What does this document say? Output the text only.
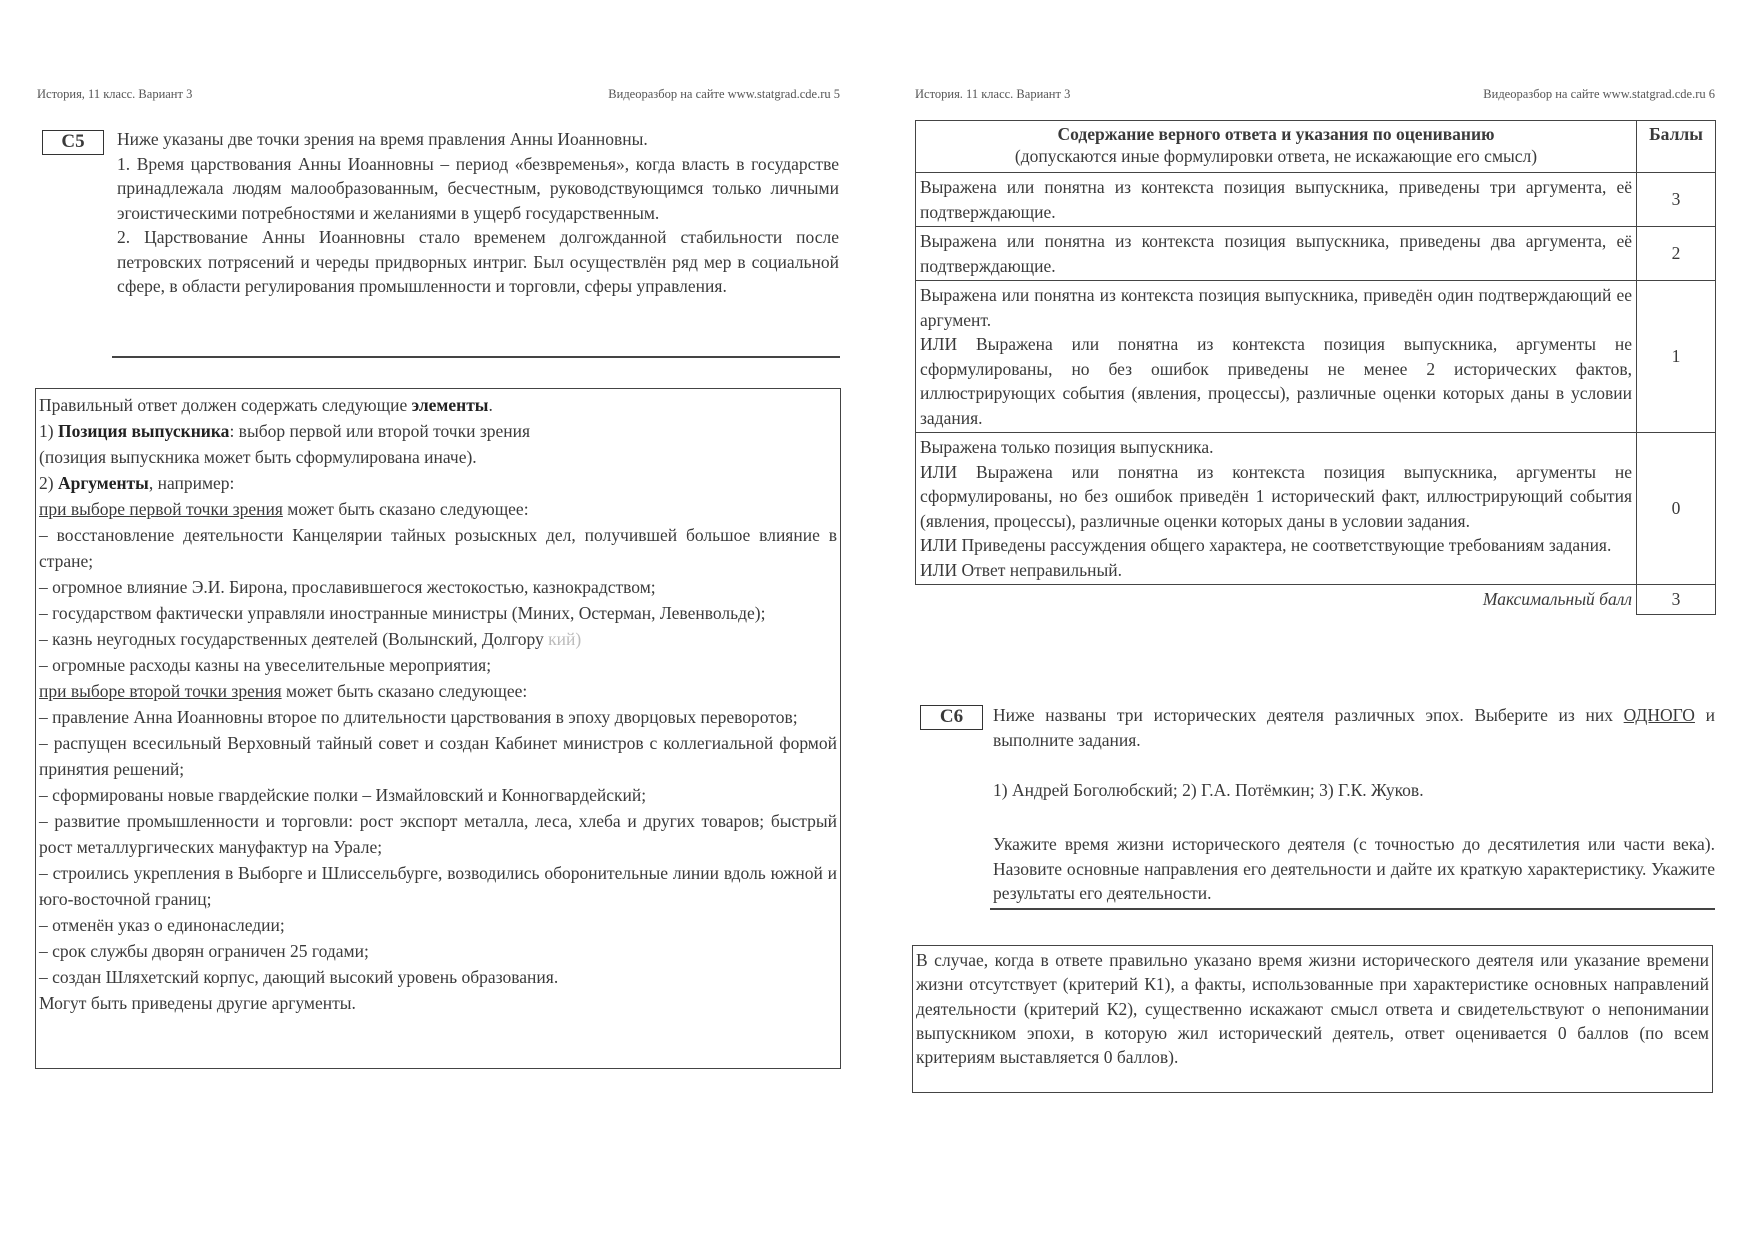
История, 11 класс. Вариант 3	Видеоразбор на сайте www.statgrad.cde.ru 5
С5	Ниже указаны две точки зрения на время правления Анны Иоанновны.

1. Время царствования Анны Иоанновны – период «безвременья», когда власть в государстве принадлежала людям малообразованным, бесчестным, руководствующимся только личными эгоистическими потребностями и желаниями в ущерб государственным.

2. Царствование Анны Иоанновны стало временем долгожданной стабильности после петровских потрясений и череды придворных интриг. Был осуществлён ряд мер в социальной сфере, в области регулирования промышленности и торговли, сферы управления.

Правильный ответ должен содержать следующие элементы.

1) Позиция выпускника: выбор первой или второй точки зрения

(позиция выпускника может быть сформулирована иначе).

2) Аргументы, например:

при выборе первой точки зрения может быть сказано следующее:

– восстановление деятельности Канцелярии тайных розыскных дел, получившей большое влияние в стране;

– огромное влияние Э.И. Бирона, прославившегося жестокостью, казнокрадством;

– государством фактически управляли иностранные министры (Миних, Остерман, Левенвольде);

– казнь неугодных государственных деятелей (Волынский, Долгору кий)

– огромные расходы казны на увеселительные мероприятия;

при выборе второй точки зрения может быть сказано следующее:

– правление Анна Иоанновны второе по длительности царствования в эпоху дворцовых переворотов;

– распущен всесильный Верховный тайный совет и создан Кабинет министров с коллегиальной формой принятия решений;

– сформированы новые гвардейские полки – Измайловский и Конногвардейский;

– развитие промышленности и торговли: рост экспорт металла, леса, хлеба и других товаров; быстрый рост металлургических мануфактур на Урале;

– строились укрепления в Выборге и Шлиссельбурге, возводились оборонительные линии вдоль южной и юго-восточной границ;

– отменён указ о единонаследии;

– срок службы дворян ограничен 25 годами;

– создан Шляхетский корпус, дающий высокий уровень образования.

Могут быть приведены другие аргументы.

История. 11 класс. Вариант 3	Видеоразбор на сайте www.statgrad.cde.ru 6
Содержание верного ответа и указания по оцениванию
(допускаются иные формулировки ответа, не искажающие его смысл)	Баллы
Выражена или понятна из контекста позиция выпускника, приведены три аргумента, её подтверждающие.	3
Выражена или понятна из контекста позиция выпускника, приведены два аргумента, её подтверждающие.	2

Выражена или понятна из контекста позиция выпускника, приведён один подтверждающий ее аргумент.
ИЛИ Выражена или понятна из контекста позиция выпускника, аргументы не сформулированы, но без ошибок приведены не менее 2 исторических фактов, иллюстрирующих события (явления, процессы), различные оценки которых даны в условии задания.	1

Выражена только позиция выпускника.
ИЛИ Выражена или понятна из контекста позиция выпускника, аргументы не сформулированы, но без ошибок приведён 1 исторический факт, иллюстрирующий события (явления, процессы), различные оценки которых даны в условии задания.
ИЛИ Приведены рассуждения общего характера, не соответствующие требованиям задания.
ИЛИ Ответ неправильный.	0
Максимальный балл	3
С6	Ниже названы три исторических деятеля различных эпох. Выберите из них ОДНОГО и выполните задания.
1) Андрей Боголюбский; 2) Г.А. Потёмкин; 3) Г.К. Жуков.
Укажите время жизни исторического деятеля (с точностью до десятилетия или части века). Назовите основные направления его деятельности и дайте их краткую характеристику. Укажите результаты его деятельности.
В случае, когда в ответе правильно указано время жизни исторического деятеля или указание времени жизни отсутствует (критерий К1), а факты, использованные при характеристике основных направлений деятельности (критерий К2), существенно искажают смысл ответа и свидетельствуют о непонимании выпускником эпохи, в которую жил исторический деятель, ответ оценивается 0 баллов (по всем критериям выставляется 0 баллов).
